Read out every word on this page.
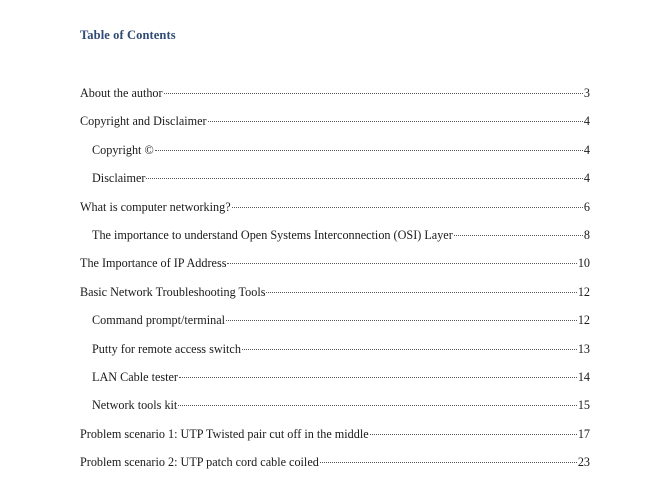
Table of Contents
About the author	3
Copyright and Disclaimer	4
Copyright ©	4
Disclaimer	4
What is computer networking?	6
The importance to understand Open Systems Interconnection (OSI) Layer	8
The Importance of IP Address	10
Basic Network Troubleshooting Tools	12
Command prompt/terminal	12
Putty for remote access switch	13
LAN Cable tester	14
Network tools kit	15
Problem scenario 1: UTP Twisted pair cut off in the middle	17
Problem scenario 2: UTP patch cord cable coiled	23
